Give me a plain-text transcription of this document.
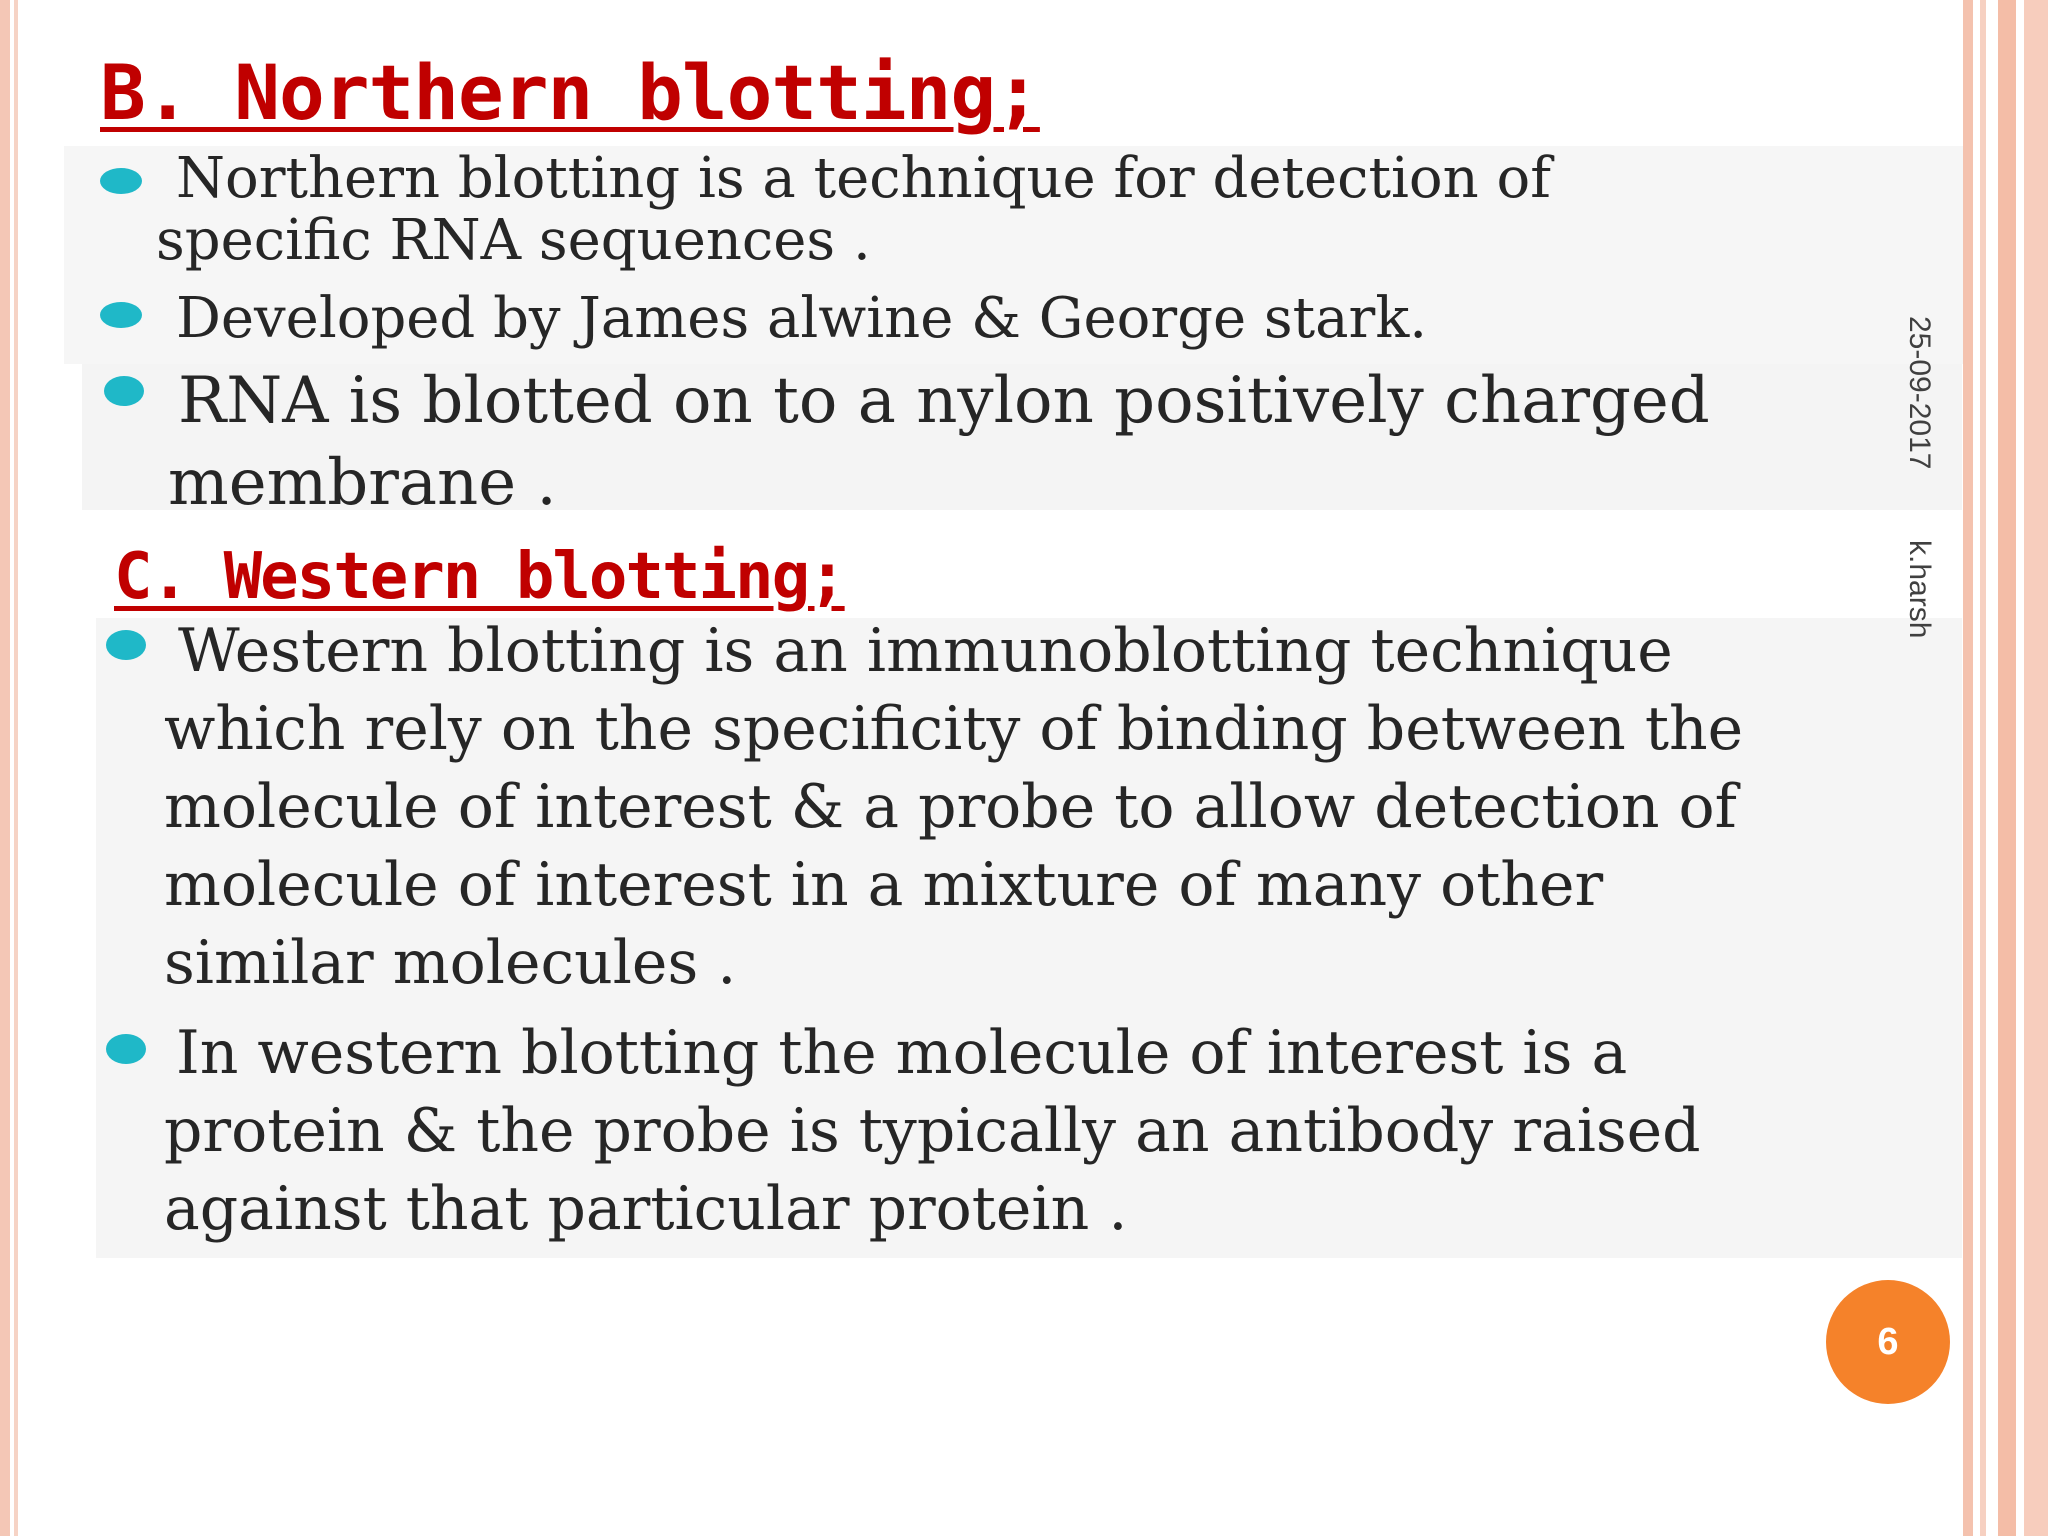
B. Northern blotting;
Northern blotting is a technique for detection of
specific RNA sequences .
Developed by James alwine & George stark.
RNA is blotted on to a nylon positively charged
membrane .
C. Western blotting;
Western blotting is an immunoblotting technique
which rely on the specificity of binding between the
molecule of interest & a probe to allow detection of
molecule of interest in a mixture of many other
similar molecules .
In western blotting the molecule of interest is a
protein & the probe is typically an antibody raised
against that particular protein .
25-09-2017
k.harsh
6
